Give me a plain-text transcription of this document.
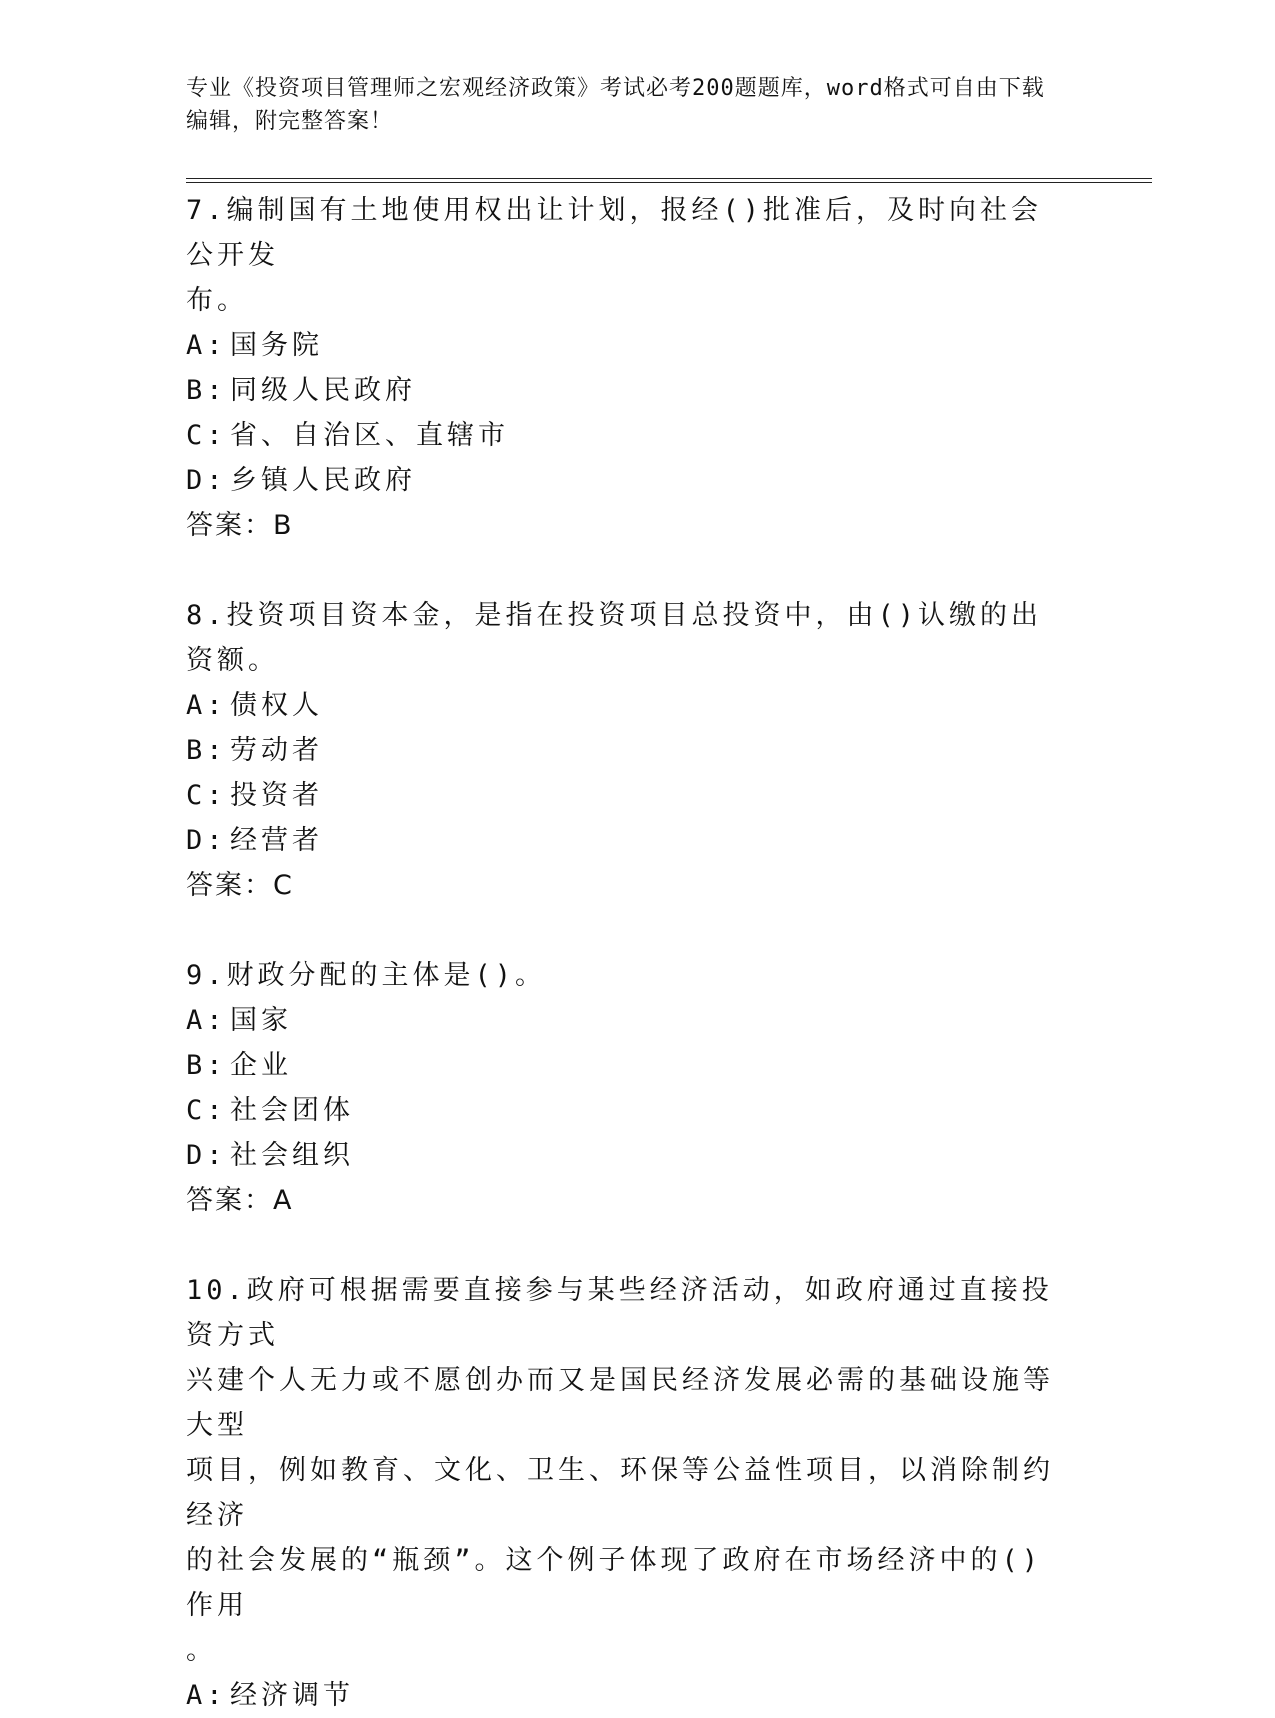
专业《投资项目管理师之宏观经济政策》考试必考200题题库，word格式可自由下载编辑，附完整答案！

7.编制国有土地使用权出让计划，报经()批准后，及时向社会公开发

布。

A: 国务院

B: 同级人民政府

C: 省、自治区、直辖市

D: 乡镇人民政府

答案：B

8.投资项目资本金，是指在投资项目总投资中，由()认缴的出资额。

A: 债权人

B: 劳动者

C: 投资者

D: 经营者

答案：C

9.财政分配的主体是()。

A: 国家

B: 企业

C: 社会团体

D: 社会组织

答案：A

10.政府可根据需要直接参与某些经济活动，如政府通过直接投资方式

兴建个人无力或不愿创办而又是国民经济发展必需的基础设施等大型

项目，例如教育、文化、卫生、环保等公益性项目，以消除制约经济

的社会发展的“瓶颈”。这个例子体现了政府在市场经济中的()作用

。

A: 经济调节
